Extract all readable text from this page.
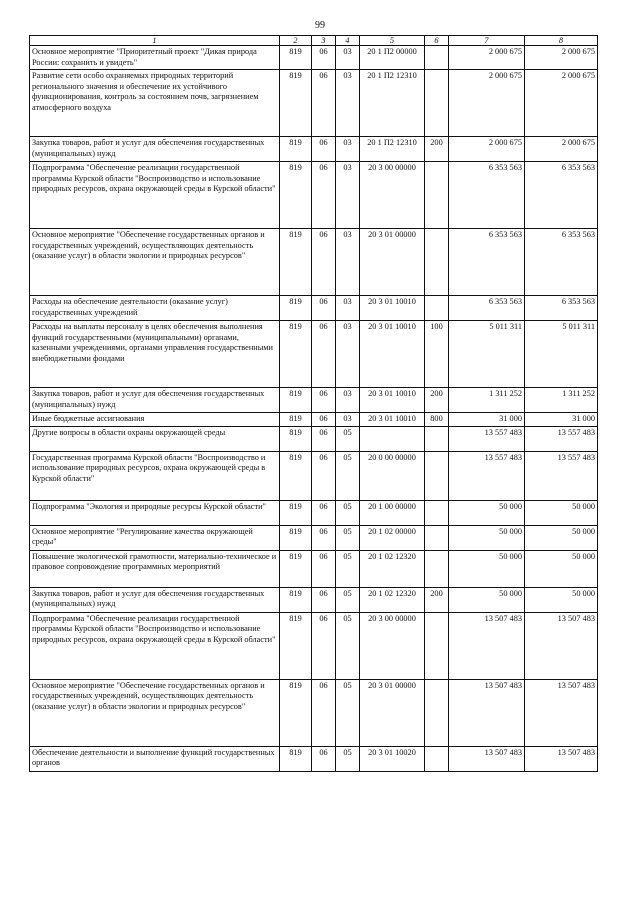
99
1	2	3	4	5	6	7	8
Основное мероприятие "Приоритетный проект "Дикая природа России: сохранить и увидеть"	819	06	03	20 1 П2 00000		2 000 675	2 000 675
Развитие сети особо охраняемых природных территорий регионального значения и обеспечение их устойчивого функционирования, контроль за состоянием почв, загрязнением атмосферного воздуха	819	06	03	20 1 П2 12310		2 000 675	2 000 675
Закупка товаров, работ и услуг для обеспечения государственных (муниципальных) нужд	819	06	03	20 1 П2 12310	200	2 000 675	2 000 675
Подпрограмма "Обеспечение реализации государственной программы Курской области "Воспроизводство и использование природных ресурсов, охрана окружающей среды в Курской области"	819	06	03	20 3 00 00000		6 353 563	6 353 563
Основное мероприятие "Обеспечение государственных органов и государственных учреждений, осуществляющих деятельность (оказание услуг) в области экологии и природных ресурсов"	819	06	03	20 3 01 00000		6 353 563	6 353 563
Расходы на обеспечение деятельности (оказание услуг) государственных учреждений	819	06	03	20 3 01 10010		6 353 563	6 353 563
Расходы на выплаты персоналу в целях обеспечения выполнения функций государственными (муниципальными) органами, казенными учреждениями, органами управления государственными внебюджетными фондами	819	06	03	20 3 01 10010	100	5 011 311	5 011 311
Закупка товаров, работ и услуг для обеспечения государственных (муниципальных) нужд	819	06	03	20 3 01 10010	200	1 311 252	1 311 252
Иные бюджетные ассигнования	819	06	03	20 3 01 10010	800	31 000	31 000
Другие вопросы в области охраны окружающей среды	819	06	05			13 557 483	13 557 483
Государственная программа Курской области "Воспроизводство и использование природных ресурсов, охрана окружающей среды в Курской области"	819	06	05	20 0 00 00000		13 557 483	13 557 483
Подпрограмма "Экология и природные ресурсы Курской области"	819	06	05	20 1 00 00000		50 000	50 000
Основное мероприятие "Регулирование качества окружающей среды"	819	06	05	20 1 02 00000		50 000	50 000
Повышение экологической грамотности, материально-техническое и правовое сопровождение программных мероприятий	819	06	05	20 1 02 12320		50 000	50 000
Закупка товаров, работ и услуг для обеспечения государственных (муниципальных) нужд	819	06	05	20 1 02 12320	200	50 000	50 000
Подпрограмма "Обеспечение реализации государственной программы Курской области "Воспроизводство и использование природных ресурсов, охрана окружающей среды в Курской области"	819	06	05	20 3 00 00000		13 507 483	13 507 483
Основное мероприятие "Обеспечение государственных органов и государственных учреждений, осуществляющих деятельность (оказание услуг) в области экологии и природных ресурсов"	819	06	05	20 3 01 00000		13 507 483	13 507 483
Обеспечение деятельности и выполнение функций государственных органов	819	06	05	20 3 01 10020		13 507 483	13 507 483
